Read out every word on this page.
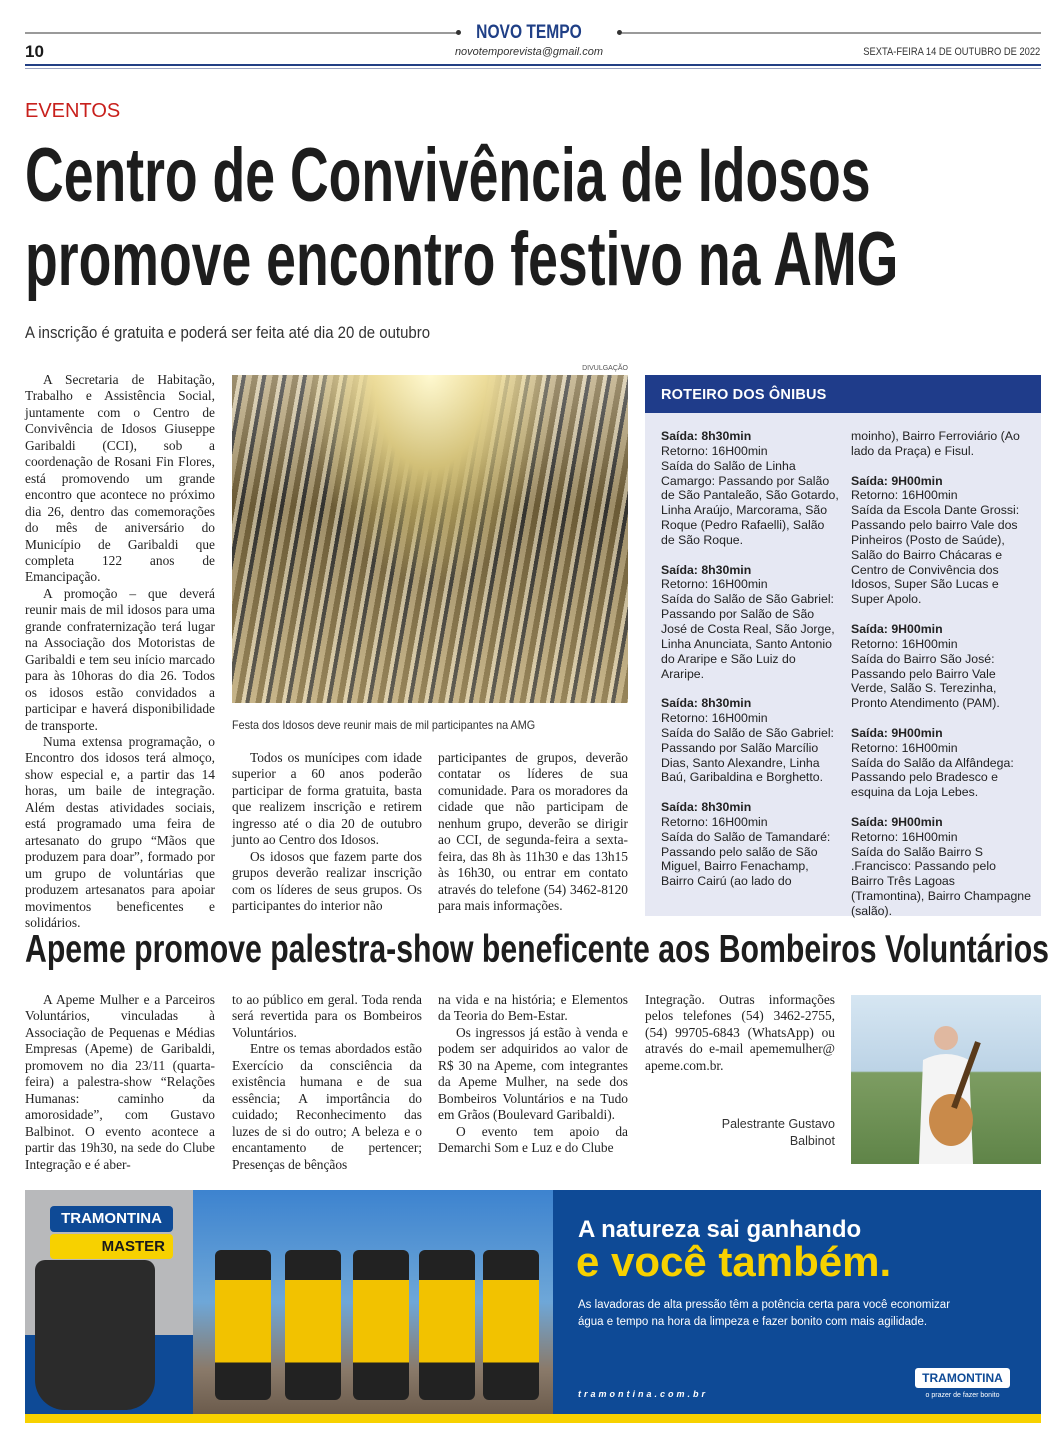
NOVO TEMPO
novotemporevista@gmail.com
10	SEXTA-FEIRA 14 DE OUTUBRO DE 2022
EVENTOS
Centro de Convivência de Idosos
promove encontro festivo na AMG
A inscrição é gratuita e poderá ser feita até dia 20 de outubro

A Secretaria de Habitação, Trabalho e Assistência Social, juntamente com o Centro de Convivência de Idosos Giuseppe Garibaldi (CCI), sob a coordenação de Rosani Fin Flores, está promovendo um grande encontro que acontece no próximo dia 26, dentro das comemorações do mês de aniversário do Município de Garibaldi que completa 122 anos de Emancipação.

A promoção – que deverá reunir mais de mil idosos para uma grande confraternização terá lugar na Associação dos Motoristas de Garibaldi e tem seu início marcado para às 10horas do dia 26. Todos os idosos estão convidados a participar e haverá disponibilidade de transporte.

Numa extensa programação, o Encontro dos idosos terá almoço, show especial e, a partir das 14 horas, um baile de integração. Além destas atividades sociais, está programado uma feira de artesanato do grupo “Mãos que produzem para doar”, formado por um grupo de voluntárias que produzem artesanatos para apoiar movimentos beneficentes e solidários.

DIVULGAÇÃO
Festa dos Idosos deve reunir mais de mil participantes na AMG

Todos os munícipes com idade superior a 60 anos poderão participar de forma gratuita, basta que realizem inscrição e retirem ingresso até o dia 20 de outubro junto ao Centro dos Idosos.

Os idosos que fazem parte dos grupos deverão realizar inscrição com os líderes de seus grupos. Os participantes do interior não

participantes de grupos, deverão contatar os líderes de sua comunidade. Para os moradores da cidade que não participam de nenhum grupo, deverão se dirigir ao CCI, de segunda-feira a sexta-feira, das 8h às 11h30 e das 13h15 às 16h30, ou entrar em contato através do telefone (54) 3462-8120 para mais informações.
ROTEIRO DOS ÔNIBUS
Saída: 8h30min
Retorno: 16H00min
Saída do Salão de Linha Camargo: Passando por Salão de São Pantaleão, São Gotardo, Linha Araújo, Marcorama, São Roque (Pedro Rafaelli), Salão de São Roque.
Saída: 8h30min
Retorno: 16H00min
Saída do Salão de São Gabriel: Passando por Salão de São José de Costa Real, São Jorge, Linha Anunciata, Santo Antonio do Araripe e São Luiz do Araripe.
Saída: 8h30min
Retorno: 16H00min
Saída do Salão de São Gabriel: Passando por Salão Marcílio Dias, Santo Alexandre, Linha Baú, Garibaldina e Borghetto.
Saída: 8h30min
Retorno: 16H00min
Saída do Salão de Tamandaré: Passando pelo salão de São Miguel, Bairro Fenachamp, Bairro Cairú (ao lado do
moinho), Bairro Ferroviário (Ao lado da Praça) e Fisul.
Saída: 9H00min
Retorno: 16H00min
Saída da Escola Dante Grossi: Passando pelo bairro Vale dos Pinheiros (Posto de Saúde), Salão do Bairro Chácaras e Centro de Convivência dos Idosos, Super São Lucas e Super Apolo.
Saída: 9H00min
Retorno: 16H00min
Saída do Bairro São José: Passando pelo Bairro Vale Verde, Salão S. Terezinha, Pronto Atendimento (PAM).
Saída: 9H00min
Retorno: 16H00min
Saída do Salão da Alfândega: Passando pelo Bradesco e esquina da Loja Lebes.
Saída: 9H00min
Retorno: 16H00min
Saída do Salão Bairro S .Francisco: Passando pelo Bairro Três Lagoas (Tramontina), Bairro Champagne (salão).
Apeme promove palestra-show beneficente aos Bombeiros Voluntários

A Apeme Mulher e a Parceiros Voluntários, vinculadas à Associação de Pequenas e Médias Empresas (Apeme) de Garibaldi, promovem no dia 23/11 (quarta-feira) a palestra-show “Relações Humanas: caminho da amorosidade”, com Gustavo Balbinot. O evento acontece a partir das 19h30, na sede do Clube Integração e é aber-

to ao público em geral. Toda renda será revertida para os Bombeiros Voluntários.

Entre os temas abordados estão Exercício da consciência da existência humana e de sua essência; A importância do cuidado; Reconhecimento das luzes de si do outro; A beleza e o encantamento de pertencer; Presenças de bênçãos

na vida e na história; e Elementos da Teoria do Bem-Estar.

Os ingressos já estão à venda e podem ser adquiridos ao valor de R$ 30 na Apeme, com integrantes da Apeme Mulher, na sede dos Bombeiros Voluntários e na Tudo em Grãos (Boulevard Garibaldi).

O evento tem apoio da Demarchi Som e Luz e do Clube

Integração. Outras informações pelos telefones (54) 3462-2755, (54) 99705-6843 (WhatsApp) ou através do e-mail apememulher@ apeme.com.br.
Palestrante Gustavo Balbinot
TRAMONTINA
MASTER
A natureza sai ganhando
e você também.
As lavadoras de alta pressão têm a potência certa para você economizar
água e tempo na hora da limpeza e fazer bonito com mais agilidade.
tramontina.com.br
TRAMONTINA
o prazer de fazer bonito
